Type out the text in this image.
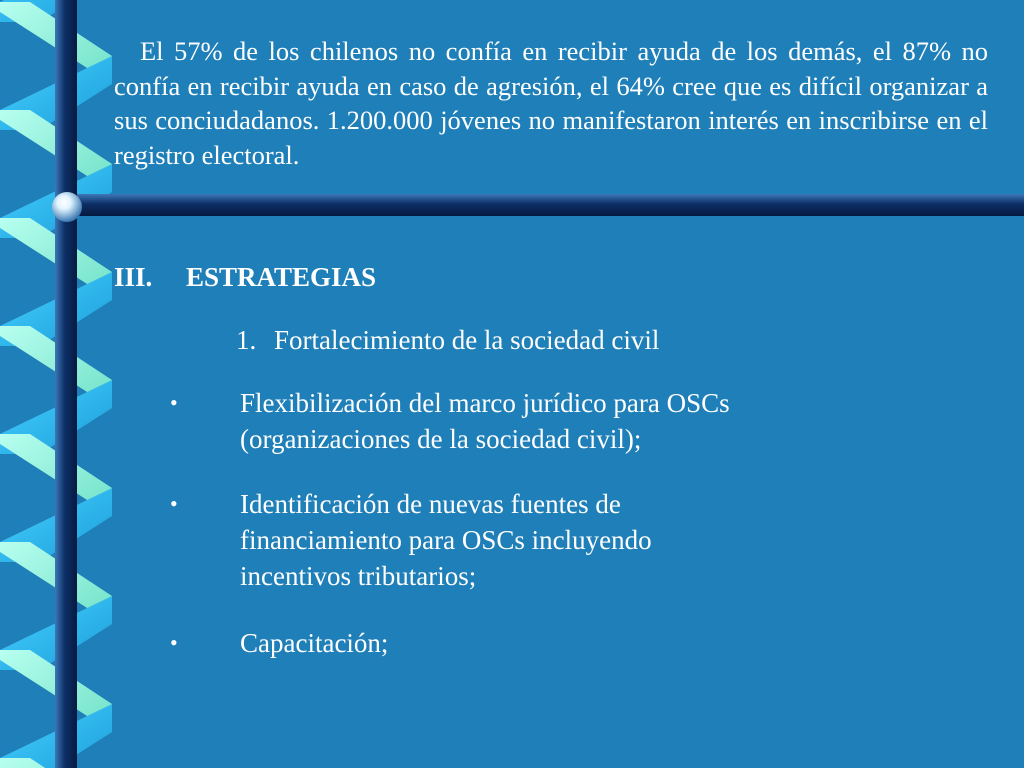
El 57% de los chilenos no confía en recibir ayuda de los demás, el 87% no confía en recibir ayuda en caso de agresión, el 64% cree que es difícil organizar a sus conciudadanos. 1.200.000 jóvenes no manifestaron interés en inscribirse en el registro electoral.

III. ESTRATEGIAS
1. Fortalecimiento de la sociedad civil
•	Flexibilización del marco jurídico para OSCs
(organizaciones de la sociedad civil);
•	Identificación de nuevas fuentes de
financiamiento para OSCs incluyendo
incentivos tributarios;
•	Capacitación;
